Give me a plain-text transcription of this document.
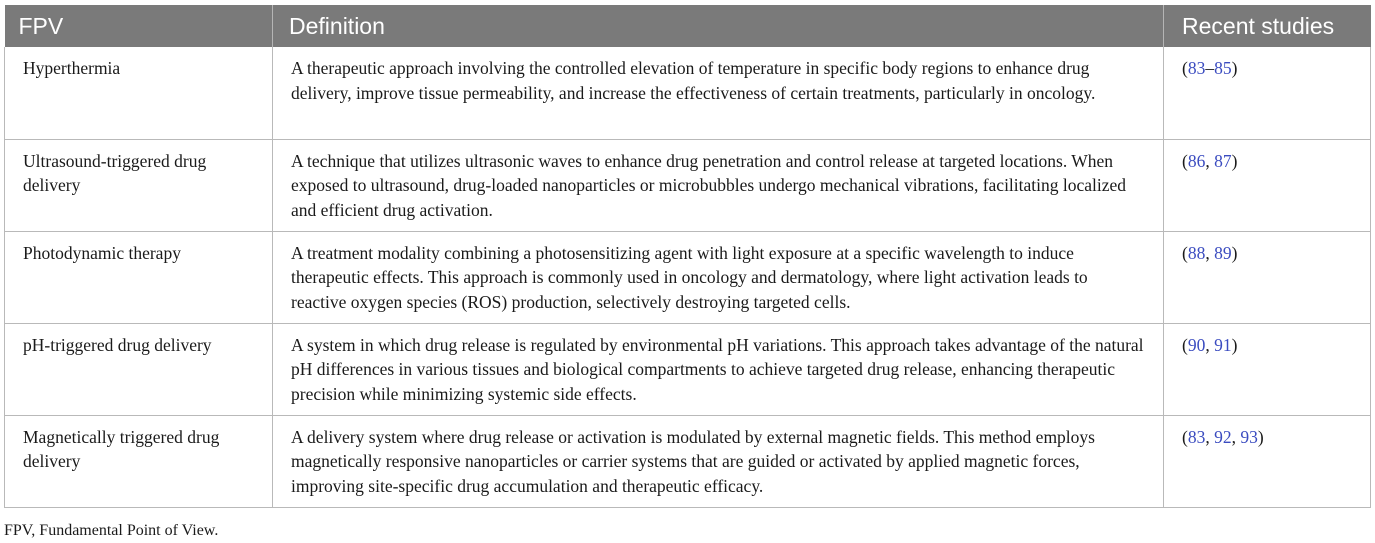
FPV	Definition	Recent studies
Hyperthermia	A therapeutic approach involving the controlled elevation of temperature in specific body regions to enhance drug delivery, improve tissue permeability, and increase the effectiveness of certain treatments, particularly in oncology.	(83–85)
Ultrasound-triggered drug delivery	A technique that utilizes ultrasonic waves to enhance drug penetration and control release at targeted locations. When exposed to ultrasound, drug-loaded nanoparticles or microbubbles undergo mechanical vibrations, facilitating localized and efficient drug activation.	(86, 87)
Photodynamic therapy	A treatment modality combining a photosensitizing agent with light exposure at a specific wavelength to induce therapeutic effects. This approach is commonly used in oncology and dermatology, where light activation leads to reactive oxygen species (ROS) production, selectively destroying targeted cells.	(88, 89)
pH-triggered drug delivery	A system in which drug release is regulated by environmental pH variations. This approach takes advantage of the natural pH differences in various tissues and biological compartments to achieve targeted drug release, enhancing therapeutic precision while minimizing systemic side effects.	(90, 91)
Magnetically triggered drug delivery	A delivery system where drug release or activation is modulated by external magnetic fields. This method employs magnetically responsive nanoparticles or carrier systems that are guided or activated by applied magnetic forces, improving site-specific drug accumulation and therapeutic efficacy.	(83, 92, 93)
FPV, Fundamental Point of View.
